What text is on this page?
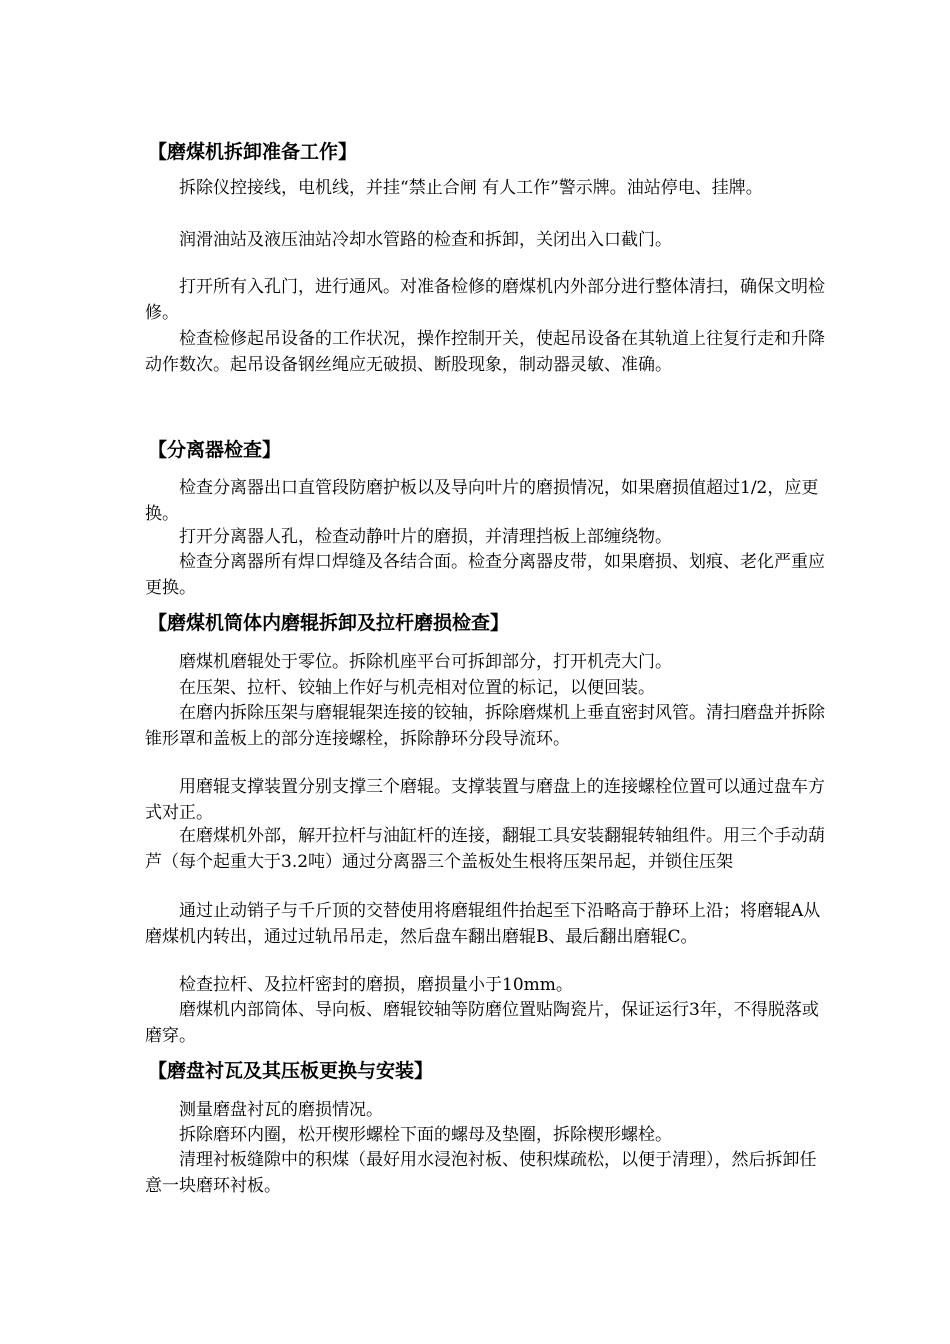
【磨煤机拆卸准备工作】

拆除仪控接线，电机线，并挂“禁止合闸 有人工作”警示牌。油站停电、挂牌。

润滑油站及液压油站冷却水管路的检查和拆卸，关闭出入口截门。

打开所有入孔门，进行通风。对准备检修的磨煤机内外部分进行整体清扫，确保文明检修。

检查检修起吊设备的工作状况，操作控制开关，使起吊设备在其轨道上往复行走和升降动作数次。起吊设备钢丝绳应无破损、断股现象，制动器灵敏、准确。

【分离器检查】

检查分离器出口直管段防磨护板以及导向叶片的磨损情况，如果磨损值超过1/2，应更换。

打开分离器人孔，检查动静叶片的磨损，并清理挡板上部缠绕物。

检查分离器所有焊口焊缝及各结合面。检查分离器皮带，如果磨损、划痕、老化严重应更换。

【磨煤机筒体内磨辊拆卸及拉杆磨损检查】

磨煤机磨辊处于零位。拆除机座平台可拆卸部分，打开机壳大门。

在压架、拉杆、铰轴上作好与机壳相对位置的标记，以便回装。

在磨内拆除压架与磨辊辊架连接的铰轴，拆除磨煤机上垂直密封风管。清扫磨盘并拆除锥形罩和盖板上的部分连接螺栓，拆除静环分段导流环。

用磨辊支撑装置分别支撑三个磨辊。支撑装置与磨盘上的连接螺栓位置可以通过盘车方式对正。

在磨煤机外部，解开拉杆与油缸杆的连接，翻辊工具安装翻辊转轴组件。用三个手动葫芦（每个起重大于3.2吨）通过分离器三个盖板处生根将压架吊起，并锁住压架

通过止动销子与千斤顶的交替使用将磨辊组件抬起至下沿略高于静环上沿；将磨辊A从磨煤机内转出，通过过轨吊吊走，然后盘车翻出磨辊B、最后翻出磨辊C。

检查拉杆、及拉杆密封的磨损，磨损量小于10mm。

磨煤机内部筒体、导向板、磨辊铰轴等防磨位置贴陶瓷片，保证运行3年，不得脱落或磨穿。

【磨盘衬瓦及其压板更换与安装】

测量磨盘衬瓦的磨损情况。

拆除磨环内圈，松开楔形螺栓下面的螺母及垫圈，拆除楔形螺栓。

清理衬板缝隙中的积煤（最好用水浸泡衬板、使积煤疏松，以便于清理），然后拆卸任意一块磨环衬板。
